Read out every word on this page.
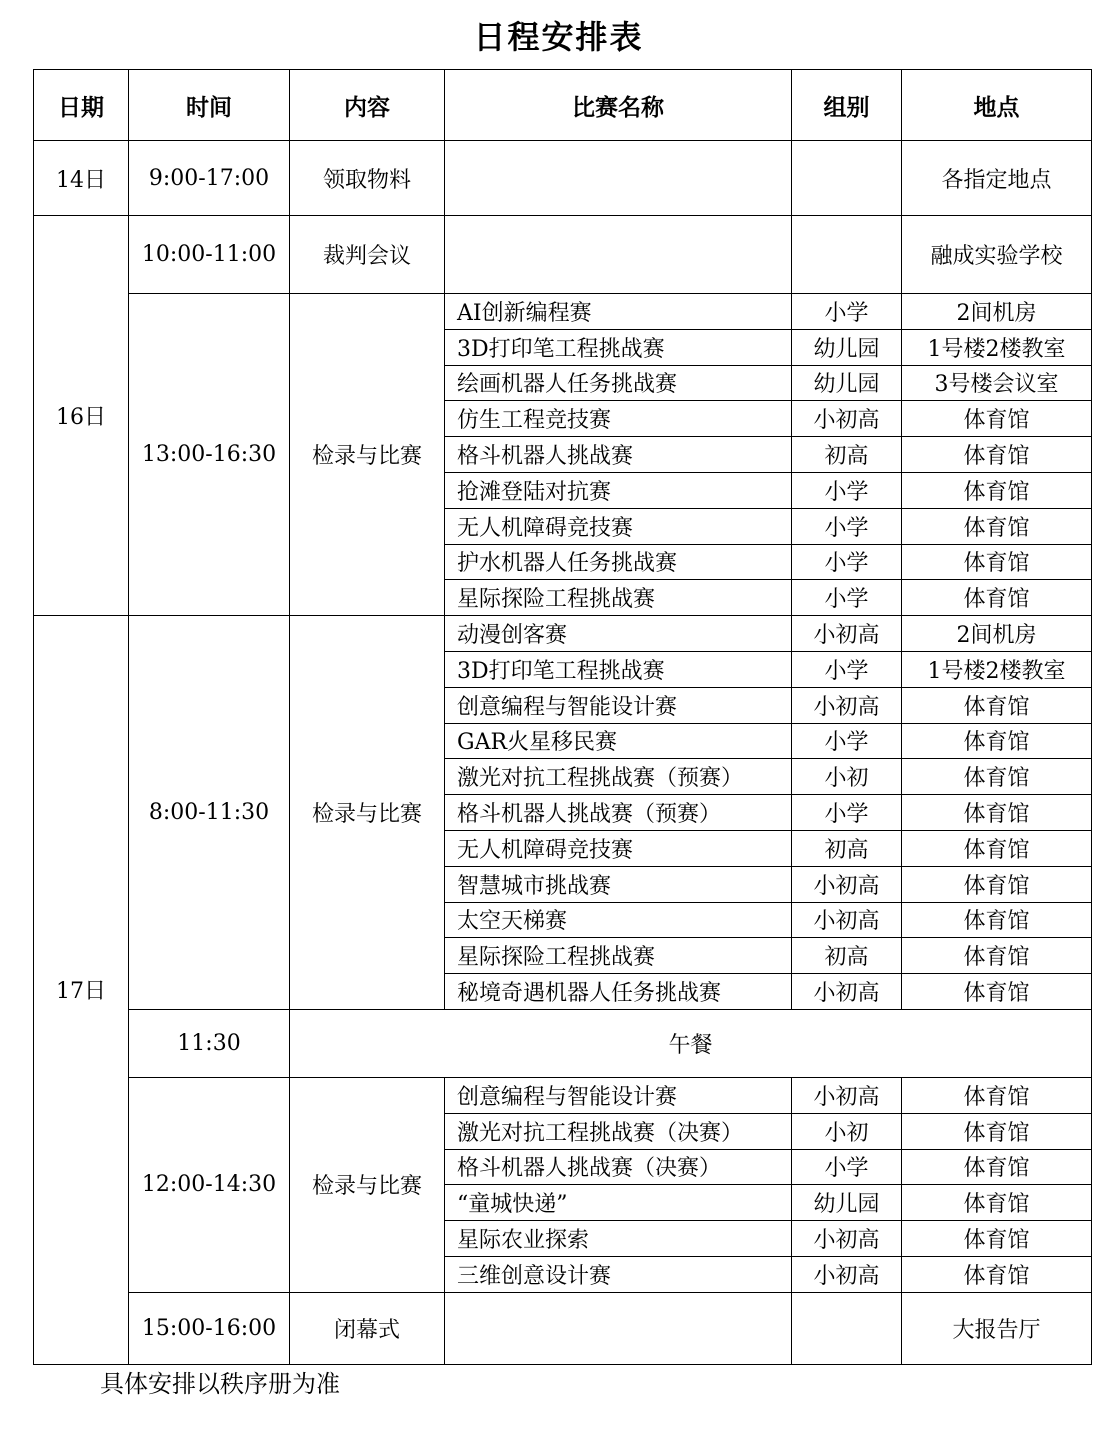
日程安排表
日期	时间	内容	比赛名称	组别	地点
14日	9:00-17:00	领取物料			各指定地点
16日	10:00-11:00	裁判会议			融成实验学校
	13:00-16:30	检录与比赛	AI创新编程赛	小学	2间机房
			3D打印笔工程挑战赛	幼儿园	1号楼2楼教室
			绘画机器人任务挑战赛	幼儿园	3号楼会议室
			仿生工程竞技赛	小初高	体育馆
			格斗机器人挑战赛	初高	体育馆
			抢滩登陆对抗赛	小学	体育馆
			无人机障碍竞技赛	小学	体育馆
			护水机器人任务挑战赛	小学	体育馆
			星际探险工程挑战赛	小学	体育馆
17日	8:00-11:30	检录与比赛	动漫创客赛	小初高	2间机房
			3D打印笔工程挑战赛	小学	1号楼2楼教室
			创意编程与智能设计赛	小初高	体育馆
			GAR火星移民赛	小学	体育馆
			激光对抗工程挑战赛（预赛）	小初	体育馆
			格斗机器人挑战赛（预赛）	小学	体育馆
			无人机障碍竞技赛	初高	体育馆
			智慧城市挑战赛	小初高	体育馆
			太空天梯赛	小初高	体育馆
			星际探险工程挑战赛	初高	体育馆
			秘境奇遇机器人任务挑战赛	小初高	体育馆
	11:30	午餐			
	12:00-14:30	检录与比赛	创意编程与智能设计赛	小初高	体育馆
			激光对抗工程挑战赛（决赛）	小初	体育馆
			格斗机器人挑战赛（决赛）	小学	体育馆
			“童城快递”	幼儿园	体育馆
			星际农业探索	小初高	体育馆
			三维创意设计赛	小初高	体育馆
	15:00-16:00	闭幕式			大报告厅
具体安排以秩序册为准
